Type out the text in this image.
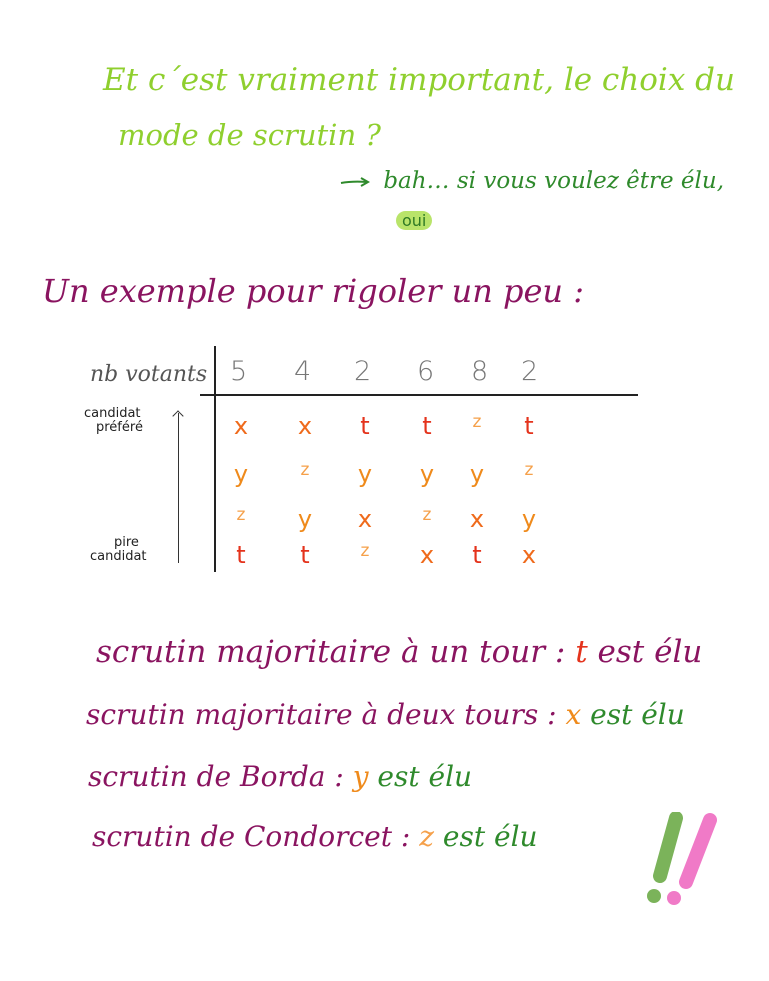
Et c´est vraiment important, le choix du
mode de scrutin ?
bah… si vous voulez être élu,
oui
Un exemple pour rigoler un peu :
nb votants 5 4 2 6 8 2
candidat
préféré
pire
candidat
x	x	t	t	z	t
y	z	y	y	y	z
z	y	x	z	x	y
t	t	z	x	t	x
scrutin majoritaire à un tour : t est élu
scrutin majoritaire à deux tours : x est élu
scrutin de Borda : y est élu
scrutin de Condorcet : z est élu
